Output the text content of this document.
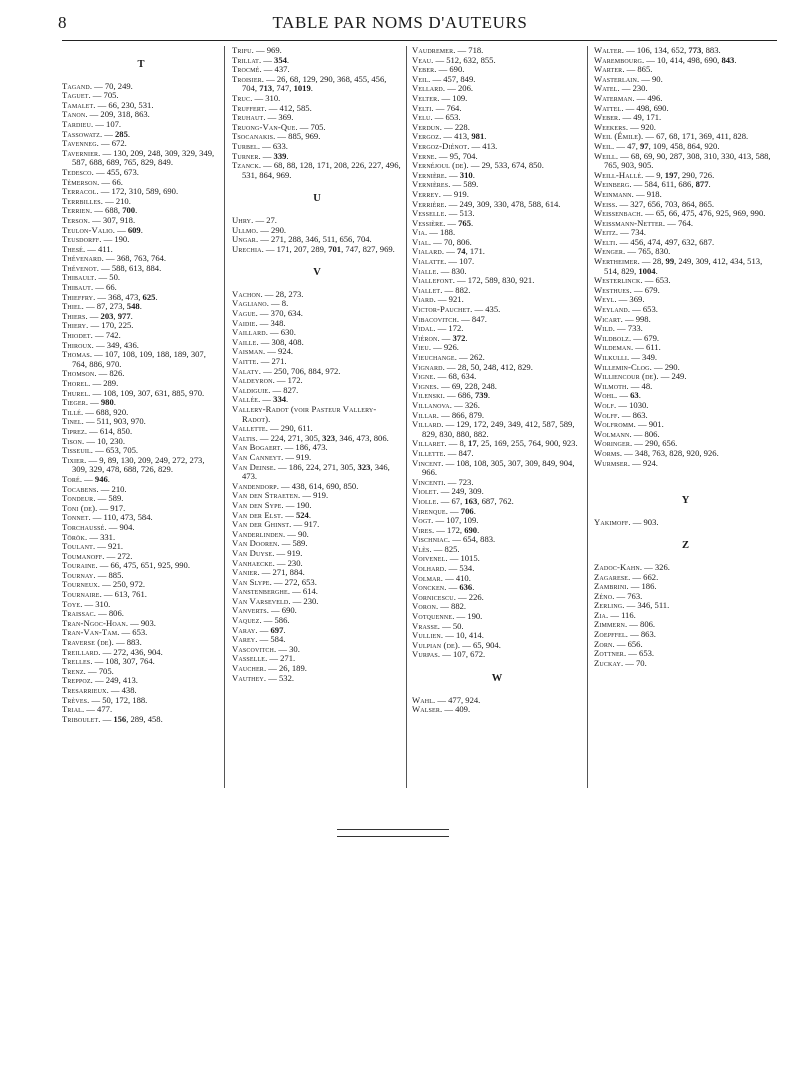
8	TABLE PAR NOMS D'AUTEURS
T
Tagand. — 70, 249.
Taguet. — 705.
Tamalet. — 66, 230, 531.
Tanon. — 209, 318, 863.
Tardieu. — 107.
Tassowatz. — 285.
Tavenneg. — 672.
Tavernier. — 130, 209, 248, 309, 329, 349, 587, 688, 689, 765, 829, 849.
Tedesco. — 455, 673.
Témerson. — 66.
Terracol. — 172, 310, 589, 690.
Terrbilles. — 210.
Terrien. — 688, 700.
Terson. — 307, 918.
Teulon-Valio. — 609.
Teusdorff. — 190.
Thesé. — 411.
Thévenard. — 368, 763, 764.
Thévenot. — 588, 613, 884.
Thibault. — 50.
Thibaut. — 66.
Thieffry. — 368, 473, 625.
Thiel. — 87, 273, 548.
Thiers. — 203, 977.
Thiery. — 170, 225.
Thiodet. — 742.
Thiroux. — 349, 436.
Thomas. — 107, 108, 109, 188, 189, 307, 764, 886, 970.
Thomson. — 826.
Thorel. — 289.
Thurel. — 108, 109, 307, 631, 885, 970.
Tieger. — 980.
Tillé. — 688, 920.
Tinel. — 511, 903, 970.
Tiprez. — 614, 850.
Tison. — 10, 230.
Tisseuil. — 653, 705.
Tixier. — 9, 89, 130, 209, 249, 272, 273, 309, 329, 478, 688, 726, 829.
Toré. — 946.
Tocabens. — 210.
Tondeur. — 589.
Toni (de). — 917.
Tonnet. — 110, 473, 584.
Torchaussé. — 904.
Török. — 331.
Toulant. — 921.
Toumanoff. — 272.
Touraine. — 66, 475, 651, 925, 990.
Tournay. — 885.
Tourneux. — 250, 972.
Tournaire. — 613, 761.
Toye. — 310.
Traissac. — 806.
Tran-Ngoc-Hoan. — 903.
Tran-Van-Tam. — 653.
Traverse (de). — 883.
Treillard. — 272, 436, 904.
Trelles. — 108, 307, 764.
Trenz. — 705.
Treppoz. — 249, 413.
Tresarrieux. — 438.
Trèves. — 50, 172, 188.
Trial. — 477.
Triboulet. — 156, 289, 458.
Trifu. — 969.
Trillat. — 354.
Trocmé. — 437.
Troisier. — 26, 68, 129, 290, 368, 455, 456, 704, 713, 747, 1019.
Truc. — 310.
Truffert. — 412, 585.
Truhaut. — 369.
Truong-Van-Que. — 705.
Tsocanakis. — 885, 969.
Turbel. — 633.
Turner. — 339.
Tzanck. — 68, 88, 128, 171, 208, 226, 227, 496, 531, 864, 969.
U
Uhry. — 27.
Ullmo. — 290.
Ungar. — 271, 288, 346, 511, 656, 704.
Urechia. — 171, 207, 289, 701, 747, 827, 969.
V
Vachon. — 28, 273.
Vagliano. — 8.
Vague. — 370, 634.
Vaidie. — 348.
Vaillard. — 630.
Vaille. — 308, 408.
Vaisman. — 924.
Vaitte. — 271.
Valaty. — 250, 706, 884, 972.
Valdeyron. — 172.
Valdiguie. — 827.
Vallée. — 334.
Vallery-Radot (voir Pasteur Vallery-Radot).
Vallette. — 290, 611.
Valtis. — 224, 271, 305, 323, 346, 473, 806.
Van Bogaert. — 186, 473.
Van Canneyt. — 919.
Van Deinse. — 186, 224, 271, 305, 323, 346, 473.
Vandendorp. — 438, 614, 690, 850.
Van den Straeten. — 919.
Van den Sype. — 190.
Van der Elst. — 524.
Van der Ghinst. — 917.
Vanderlinden. — 90.
Van Dooren. — 589.
Van Duyse. — 919.
Vanhaecke. — 230.
Vanier. — 271, 884.
Van Slype. — 272, 653.
Vanstenberghe. — 614.
Van Varseveld. — 230.
Vanverts. — 690.
Vaquez. — 586.
Varay. — 697.
Varey. — 584.
Vascovitch. — 30.
Vasselle. — 271.
Vaucher. — 26, 189.
Vauthey. — 532.
Vaudremer. — 718.
Veau. — 512, 632, 855.
Veber. — 690.
Veil. — 457, 849.
Vellard. — 206.
Velter. — 109.
Velti. — 764.
Velu. — 653.
Verdun. — 228.
Vergoz. — 413, 981.
Vergoz-Diénot. — 413.
Verne. — 95, 704.
Vernéjoul (de). — 29, 533, 674, 850.
Vernière. — 310.
Vernières. — 589.
Verrey. — 919.
Verrière. — 249, 309, 330, 478, 588, 614.
Vesselle. — 513.
Vessière. — 765.
Via. — 188.
Vial. — 70, 806.
Vialard. — 74, 171.
Vialatte. — 107.
Vialle. — 830.
Viallefont. — 172, 589, 830, 921.
Viallet. — 882.
Viard. — 921.
Victor-Pauchet. — 435.
Vibacovitch. — 847.
Vidal. — 172.
Viéron. — 372.
Vieu. — 926.
Vieuchange. — 262.
Vignard. — 28, 50, 248, 412, 829.
Vigne. — 68, 634.
Vignes. — 69, 228, 248.
Vilenski. — 686, 739.
Villanova. — 326.
Villar. — 866, 879.
Villard. — 129, 172, 249, 349, 412, 587, 589, 829, 830, 880, 882.
Villaret. — 8, 17, 25, 169, 255, 764, 900, 923.
Villette. — 847.
Vincent. — 108, 108, 305, 307, 309, 849, 904, 966.
Vincenti. — 723.
Violet. — 249, 309.
Violle. — 67, 163, 687, 762.
Virenque. — 706.
Vogt. — 107, 109.
Vires. — 172, 690.
Vischniac. — 654, 883.
Vlès. — 825.
Voivenel. — 1015.
Volhard. — 534.
Volmar. — 410.
Voncken. — 636.
Vornicescu. — 226.
Voron. — 882.
Votquenne. — 190.
Vrasse. — 50.
Vullien. — 10, 414.
Vulpian (de). — 65, 904.
Vurpas. — 107, 672.
W
Wahl. — 477, 924.
Walser. — 409.
Walter. — 106, 134, 652, 773, 883.
Warembourg. — 10, 414, 498, 690, 843.
Warter. — 865.
Wasterlain. — 90.
Watel. — 230.
Waterman. — 496.
Wattel. — 498, 690.
Weber. — 49, 171.
Weekers. — 920.
Weil (Émile). — 67, 68, 171, 369, 411, 828.
Weil. — 47, 97, 109, 458, 864, 920.
Weill. — 68, 69, 90, 287, 308, 310, 330, 413, 588, 765, 903, 905.
Weill-Hallé. — 9, 197, 290, 726.
Weinberg. — 584, 611, 686, 877.
Weinmann. — 918.
Weiss. — 327, 656, 703, 864, 865.
Weissenbach. — 65, 66, 475, 476, 925, 969, 990.
Weissmann-Netter. — 764.
Weitz. — 734.
Welti. — 456, 474, 497, 632, 687.
Wenger. — 765, 830.
Wertheimer. — 28, 99, 249, 309, 412, 434, 513, 514, 829, 1004.
Westerlinck. — 653.
Westhues. — 679.
Weyl. — 369.
Weyland. — 653.
Wicart. — 998.
Wild. — 733.
Wildbolz. — 679.
Wildeman. — 611.
Wilkulli. — 349.
Willemin-Clog. — 290.
Williencour (de). — 249.
Wilmoth. — 48.
Wohl. — 63.
Wolf. — 1030.
Wolff. — 863.
Wolfromm. — 901.
Wolmann. — 806.
Woringer. — 290, 656.
Worms. — 348, 763, 828, 920, 926.
Wurmser. — 924.
Y
Yakimoff. — 903.
Z
Zadoc-Kahn. — 326.
Zagarese. — 662.
Zambrini. — 186.
Zéno. — 763.
Zerling. — 346, 511.
Zia. — 116.
Zimmern. — 806.
Zoepffel. — 863.
Zorn. — 656.
Zottner. — 653.
Zuckay. — 70.
